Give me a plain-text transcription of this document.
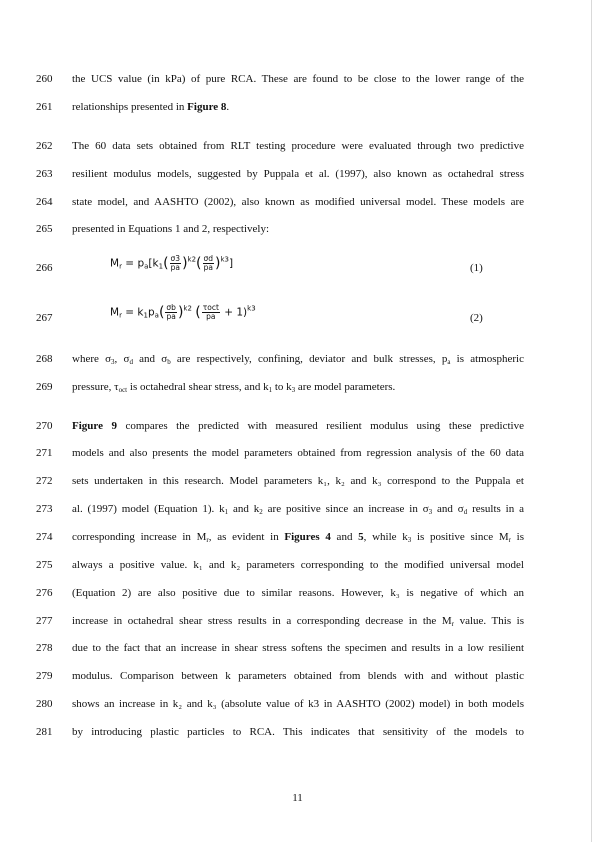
260	the UCS value (in kPa) of pure RCA. These are found to be close to the lower range of the
261	relationships presented in Figure 8.
262	The 60 data sets obtained from RLT testing procedure were evaluated through two predictive
263	resilient modulus models, suggested by Puppala et al. (1997), also known as octahedral stress
264	state model, and AASHTO (2002), also known as modified universal model. These models are
265	presented in Equations 1 and 2, respectively:
266	$M_r = p_a[k_1( \frac{\sigma 3}{pa} )^{k2}( \frac{\sigma d}{pa} )^{k3}]$	(1)
267	$M_r = k_1p_a( \frac{\sigma b}{pa} )^{k2}$ ( $\frac{\text{τoct}}{pa} + 1)^{k3}$
(2)
268	where $\sigma_3$, $\sigma_d$ and $\sigma_b$ are respectively, confining, deviator and bulk stresses, $p_a$ is atmospheric
269	pressure, $\tau_{oct}$ is octahedral shear stress, and $k_1$ to $k_3$ are model parameters.
270	Figure 9 compares the predicted with measured resilient modulus using these predictive
271	models and also presents the model parameters obtained from regression analysis of the 60 data
272	sets undertaken in this research. Model parameters k₁, k₂ and k₃ correspond to the Puppala et
273	al. (1997) model (Equation 1). $k_1$ and $k_2$ are positive since an increase in $\sigma_3$ and $\sigma_d$ results in a
274	corresponding increase in $M_r$, as evident in Figures 4 and 5, while $k_3$ is positive since $M_r$ is
275	always a positive value. k₁ and k₂ parameters corresponding to the modified universal model
276	(Equation 2) are also positive due to similar reasons. However, k₃ is negative of which an
277	increase in octahedral shear stress results in a corresponding decrease in the $M_r$ value. This is
278	due to the fact that an increase in shear stress softens the specimen and results in a low resilient
279	modulus. Comparison between k parameters obtained from blends with and without plastic
280	shows an increase in k₂ and k₃ (absolute value of k3 in AASHTO (2002) model) in both models
281	by introducing plastic particles to RCA. This indicates that sensitivity of the models to
11
